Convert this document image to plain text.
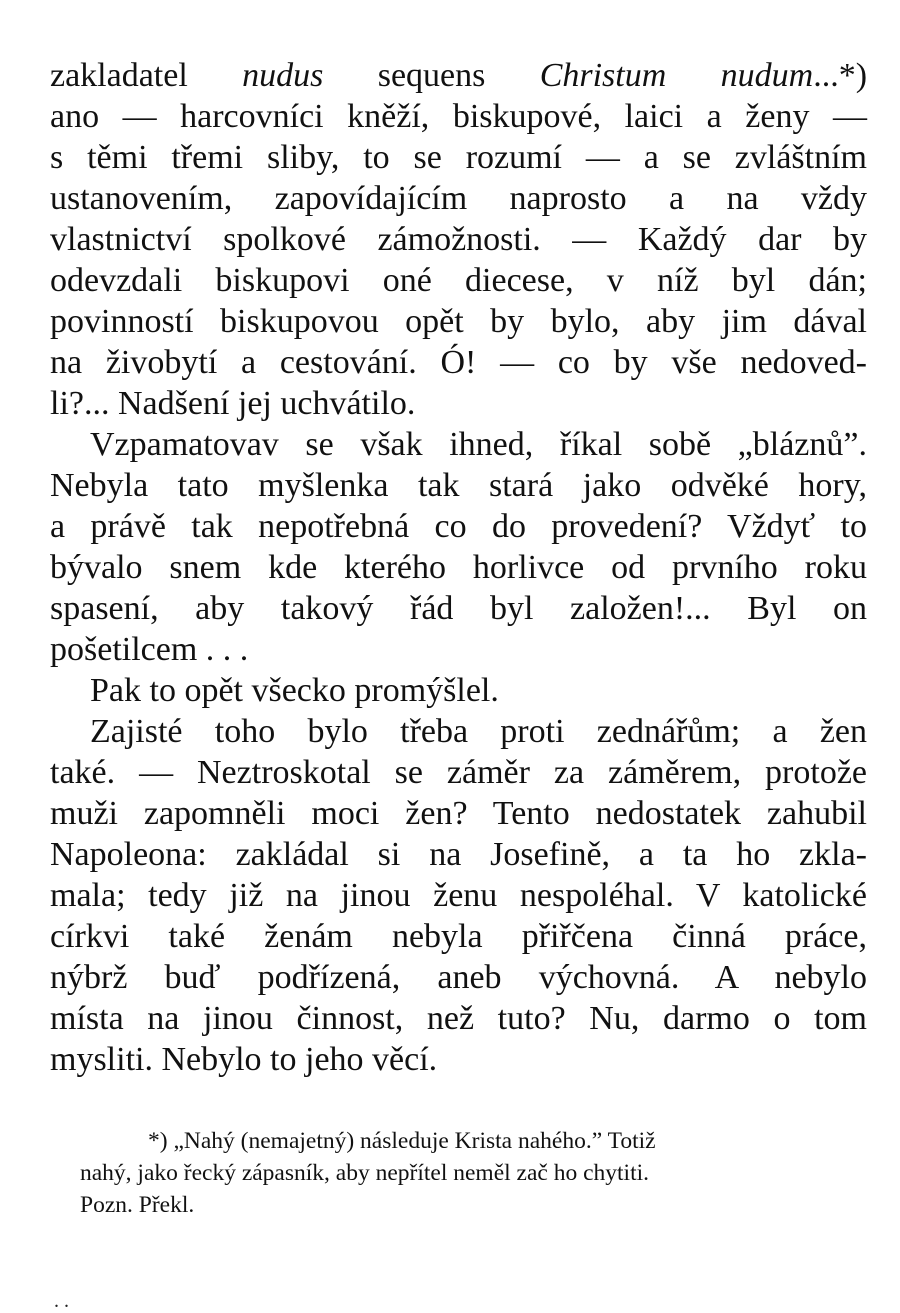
zakladatel nudus sequens Christum nudum...*)
ano — harcovníci kněží, biskupové, laici a ženy —
s těmi třemi sliby, to se rozumí — a se zvláštním
ustanovením, zapovídajícím naprosto a na vždy
vlastnictví spolkové zámožnosti. — Každý dar by
odevzdali biskupovi oné diecese, v níž byl dán;
povinností biskupovou opět by bylo, aby jim dával
na živobytí a cestování. Ó! — co by vše nedoved-
li?... Nadšení jej uchvátilo.
Vzpamatovav se však ihned, říkal sobě „bláznů”.
Nebyla tato myšlenka tak stará jako odvěké hory,
a právě tak nepotřebná co do provedení? Vždyť to
bývalo snem kde kterého horlivce od prvního roku
spasení, aby takový řád byl založen!... Byl on
pošetilcem . . .
Pak to opět všecko promýšlel.
Zajisté toho bylo třeba proti zednářům; a žen
také. — Neztroskotal se záměr za záměrem, protože
muži zapomněli moci žen? Tento nedostatek zahubil
Napoleona: zakládal si na Josefině, a ta ho zkla-
mala; tedy již na jinou ženu nespoléhal. V katolické
církvi také ženám nebyla přiřčena činná práce,
nýbrž buď podřízená, aneb výchovná. A nebylo
místa na jinou činnost, než tuto? Nu, darmo o tom
mysliti. Nebylo to jeho věcí.
*) „Nahý (nemajetný) následuje Krista nahého.” Totiž
nahý, jako řecký zápasník, aby nepřítel neměl zač ho chytiti.
Pozn. Překl.
. .
